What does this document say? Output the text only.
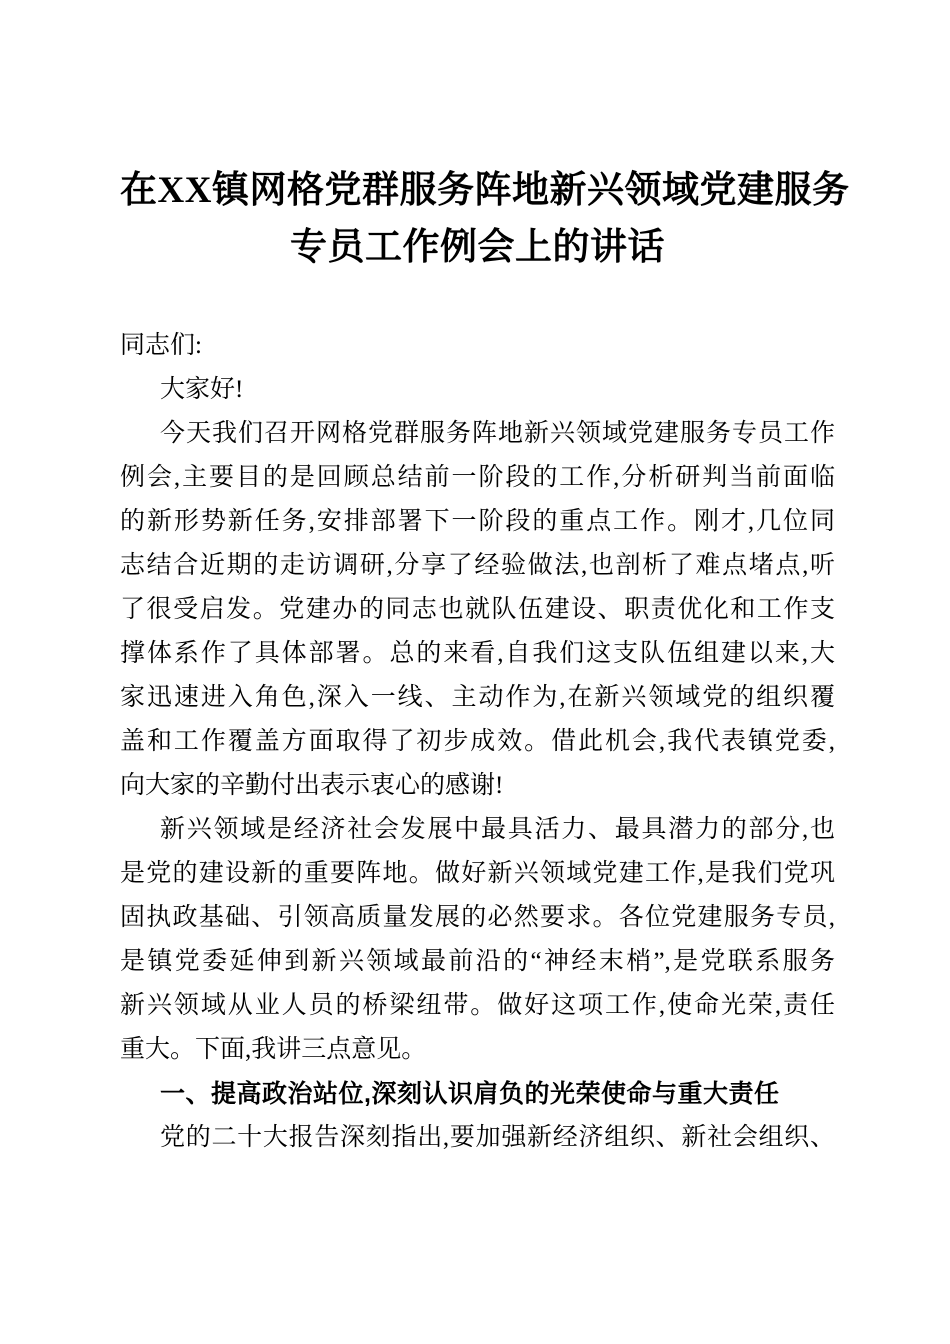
在XX镇网格党群服务阵地新兴领域党建服务
专员工作例会上的讲话
同志们:
大家好!
今天我们召开网格党群服务阵地新兴领域党建服务专员工作
例会,主要目的是回顾总结前一阶段的工作,分析研判当前面临
的新形势新任务,安排部署下一阶段的重点工作。刚才,几位同
志结合近期的走访调研,分享了经验做法,也剖析了难点堵点,听
了很受启发。党建办的同志也就队伍建设、职责优化和工作支
撑体系作了具体部署。总的来看,自我们这支队伍组建以来,大
家迅速进入角色,深入一线、主动作为,在新兴领域党的组织覆
盖和工作覆盖方面取得了初步成效。借此机会,我代表镇党委,
向大家的辛勤付出表示衷心的感谢!
新兴领域是经济社会发展中最具活力、最具潜力的部分,也
是党的建设新的重要阵地。做好新兴领域党建工作,是我们党巩
固执政基础、引领高质量发展的必然要求。各位党建服务专员,
是镇党委延伸到新兴领域最前沿的“神经末梢”,是党联系服务
新兴领域从业人员的桥梁纽带。做好这项工作,使命光荣,责任
重大。下面,我讲三点意见。
一、提高政治站位,深刻认识肩负的光荣使命与重大责任
党的二十大报告深刻指出,要加强新经济组织、新社会组织、
